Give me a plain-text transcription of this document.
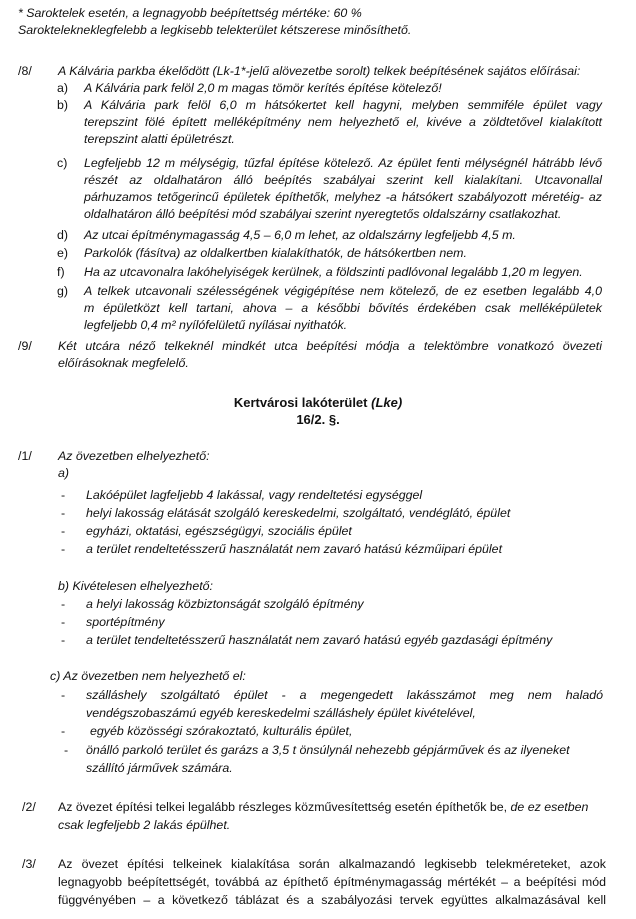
* Saroktelek esetén, a legnagyobb beépítettség mértéke: 60 %
Saroktelekneklegfelebb a legkisebb telekterület kétszerese minősíthető.
/8/ A Kálvária parkba ékelődött (Lk-1*-jelű alövezetbe sorolt) telkek beépítésének sajátos előírásai:
a) A Kálvária park felöl 2,0 m magas tömör kerítés építése kötelező!
b) A Kálvária park felöl 6,0 m hátsókertet kell hagyni, melyben semmiféle épület vagy
terepszint fölé épített melléképítmény nem helyezhető el, kivéve a zöldtetővel kialakított
terepszint alatti épületrészt.
c) Legfeljebb 12 m mélységig, tűzfal építése kötelező. Az épület fenti mélységnél hátrább lévő
részét az oldalhatáron álló beépítés szabályai szerint kell kialakítani. Utcavonallal
párhuzamos tetőgerincű épületek építhetők, melyhez -a hátsókert szabályozott méretéig- az
oldalhatáron álló beépítési mód szabályai szerint nyeregtetős oldalszárny csatlakozhat.
d) Az utcai építménymagasság 4,5 – 6,0 m lehet, az oldalszárny legfeljebb 4,5 m.
e) Parkolók (fásítva) az oldalkertben kialakíthatók, de hátsókertben nem.
f) Ha az utcavonalra lakóhelyiségek kerülnek, a földszinti padlóvonal legalább 1,20 m legyen.
g) A telkek utcavonali szélességének végigépítése nem kötelező, de ez esetben legalább 4,0
m épületközt kell tartani, ahova – a későbbi bővítés érdekében csak melléképületek
legfeljebb 0,4 m² nyílófelületű nyílásai nyithatók.
/9/ Két utcára néző telkeknél mindkét utca beépítési módja a telektömbre vonatkozó övezeti
előírásoknak megfelelő.
Kertvárosi lakóterület (Lke)
16/2. §.
/1/ Az övezetben elhelyezhető:
a)
- Lakóépület lagfeljebb 4 lakással, vagy rendeltetési egységgel
- helyi lakosság elátását szolgáló kereskedelmi, szolgáltató, vendéglátó, épület
- egyházi, oktatási, egészségügyi, szociális épület
- a terület rendeltetésszerű használatát nem zavaró hatású kézműipari épület
b) Kivételesen elhelyezhető:
- a helyi lakosság közbiztonságát szolgáló építmény
- sportépítmény
- a terület tendeltetésszerű használatát nem zavaró hatású egyéb gazdasági építmény
c) Az övezetben nem helyezhető el:
- szálláshely szolgáltató épület - a megengedett lakásszámot meg nem haladó
vendégszobaszámú egyéb kereskedelmi szálláshely épület kivételével,
- egyéb közösségi szórakoztató, kulturális épület,
- önálló parkoló terület és garázs a 3,5 t önsúlynál nehezebb gépjárművek és az ilyeneket
szállító járművek számára.
/2/ Az övezet építési telkei legalább részleges közművesítettség esetén építhetők be, de ez esetben
csak legfeljebb 2 lakás épülhet.
/3/ Az övezet építési telkeinek kialakítása során alkalmazandó legkisebb telekméreteket, azok
legnagyobb beépítettségét, továbbá az építhető építménymagasság mértékét – a beépítési mód
függvényében – a következő táblázat és a szabályozási tervek együttes alkalmazásával kell
